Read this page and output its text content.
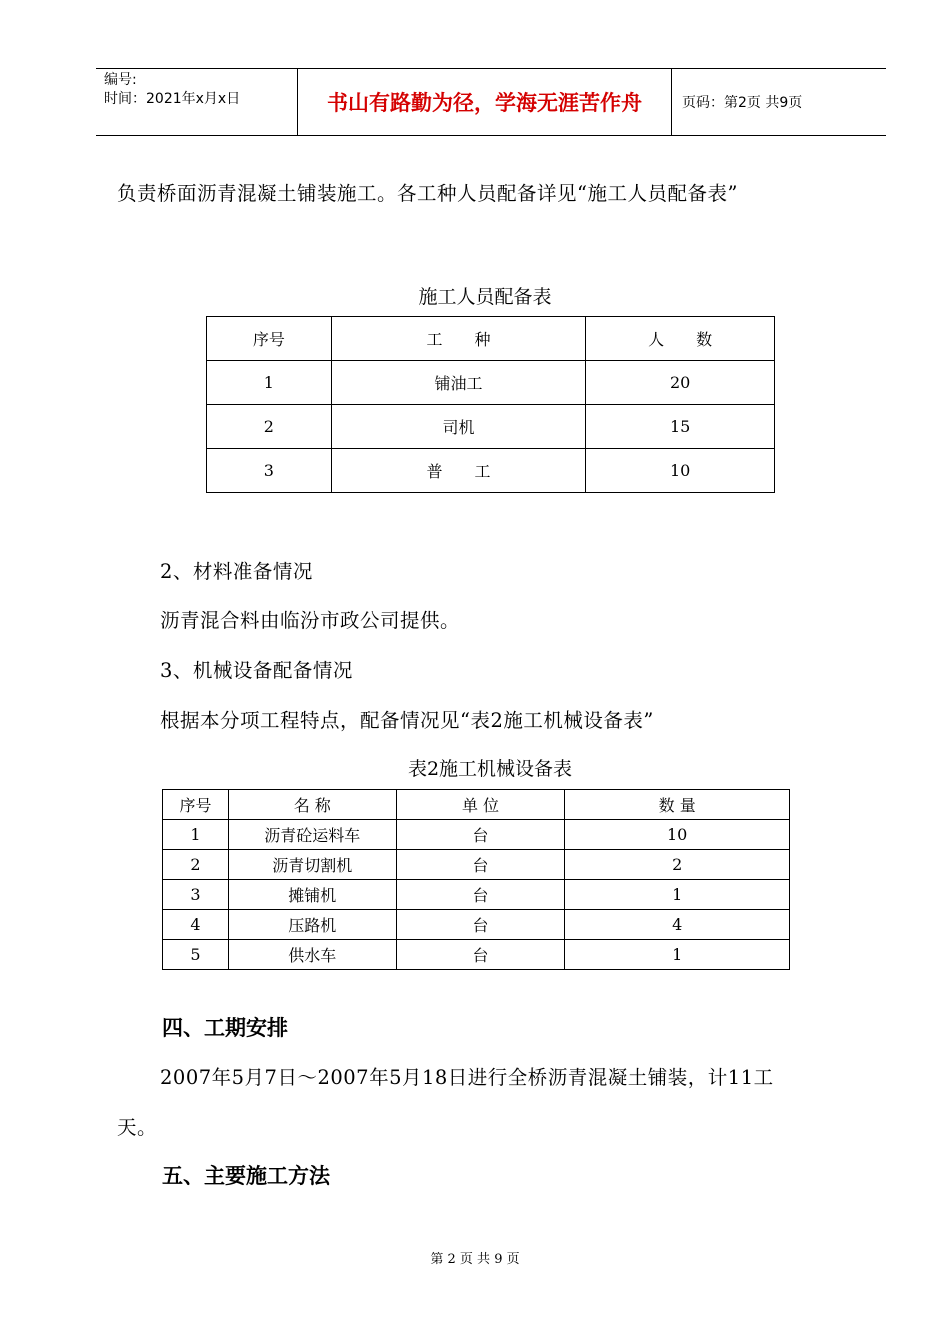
编号:
时间：2021年x月x日	书山有路勤为径，学海无涯苦作舟	页码：第2页 共9页
负责桥面沥青混凝土铺装施工。各工种人员配备详见“施工人员配备表”
施工人员配备表
序号	工　　种	人　　数
1	铺油工	20
2	司机	15
3	普　　工	10
2、材料准备情况
沥青混合料由临汾市政公司提供。
3、机械设备配备情况
根据本分项工程特点，配备情况见“表2施工机械设备表”
表2施工机械设备表
序号	名 称	单 位	数 量
1	沥青砼运料车	台	10
2	沥青切割机	台	2
3	摊铺机	台	1
4	压路机	台	4
5	供水车	台	1
四、工期安排
2007年5月7日～2007年5月18日进行全桥沥青混凝土铺装，计11工
天。
五、主要施工方法
第 2 页 共 9 页
